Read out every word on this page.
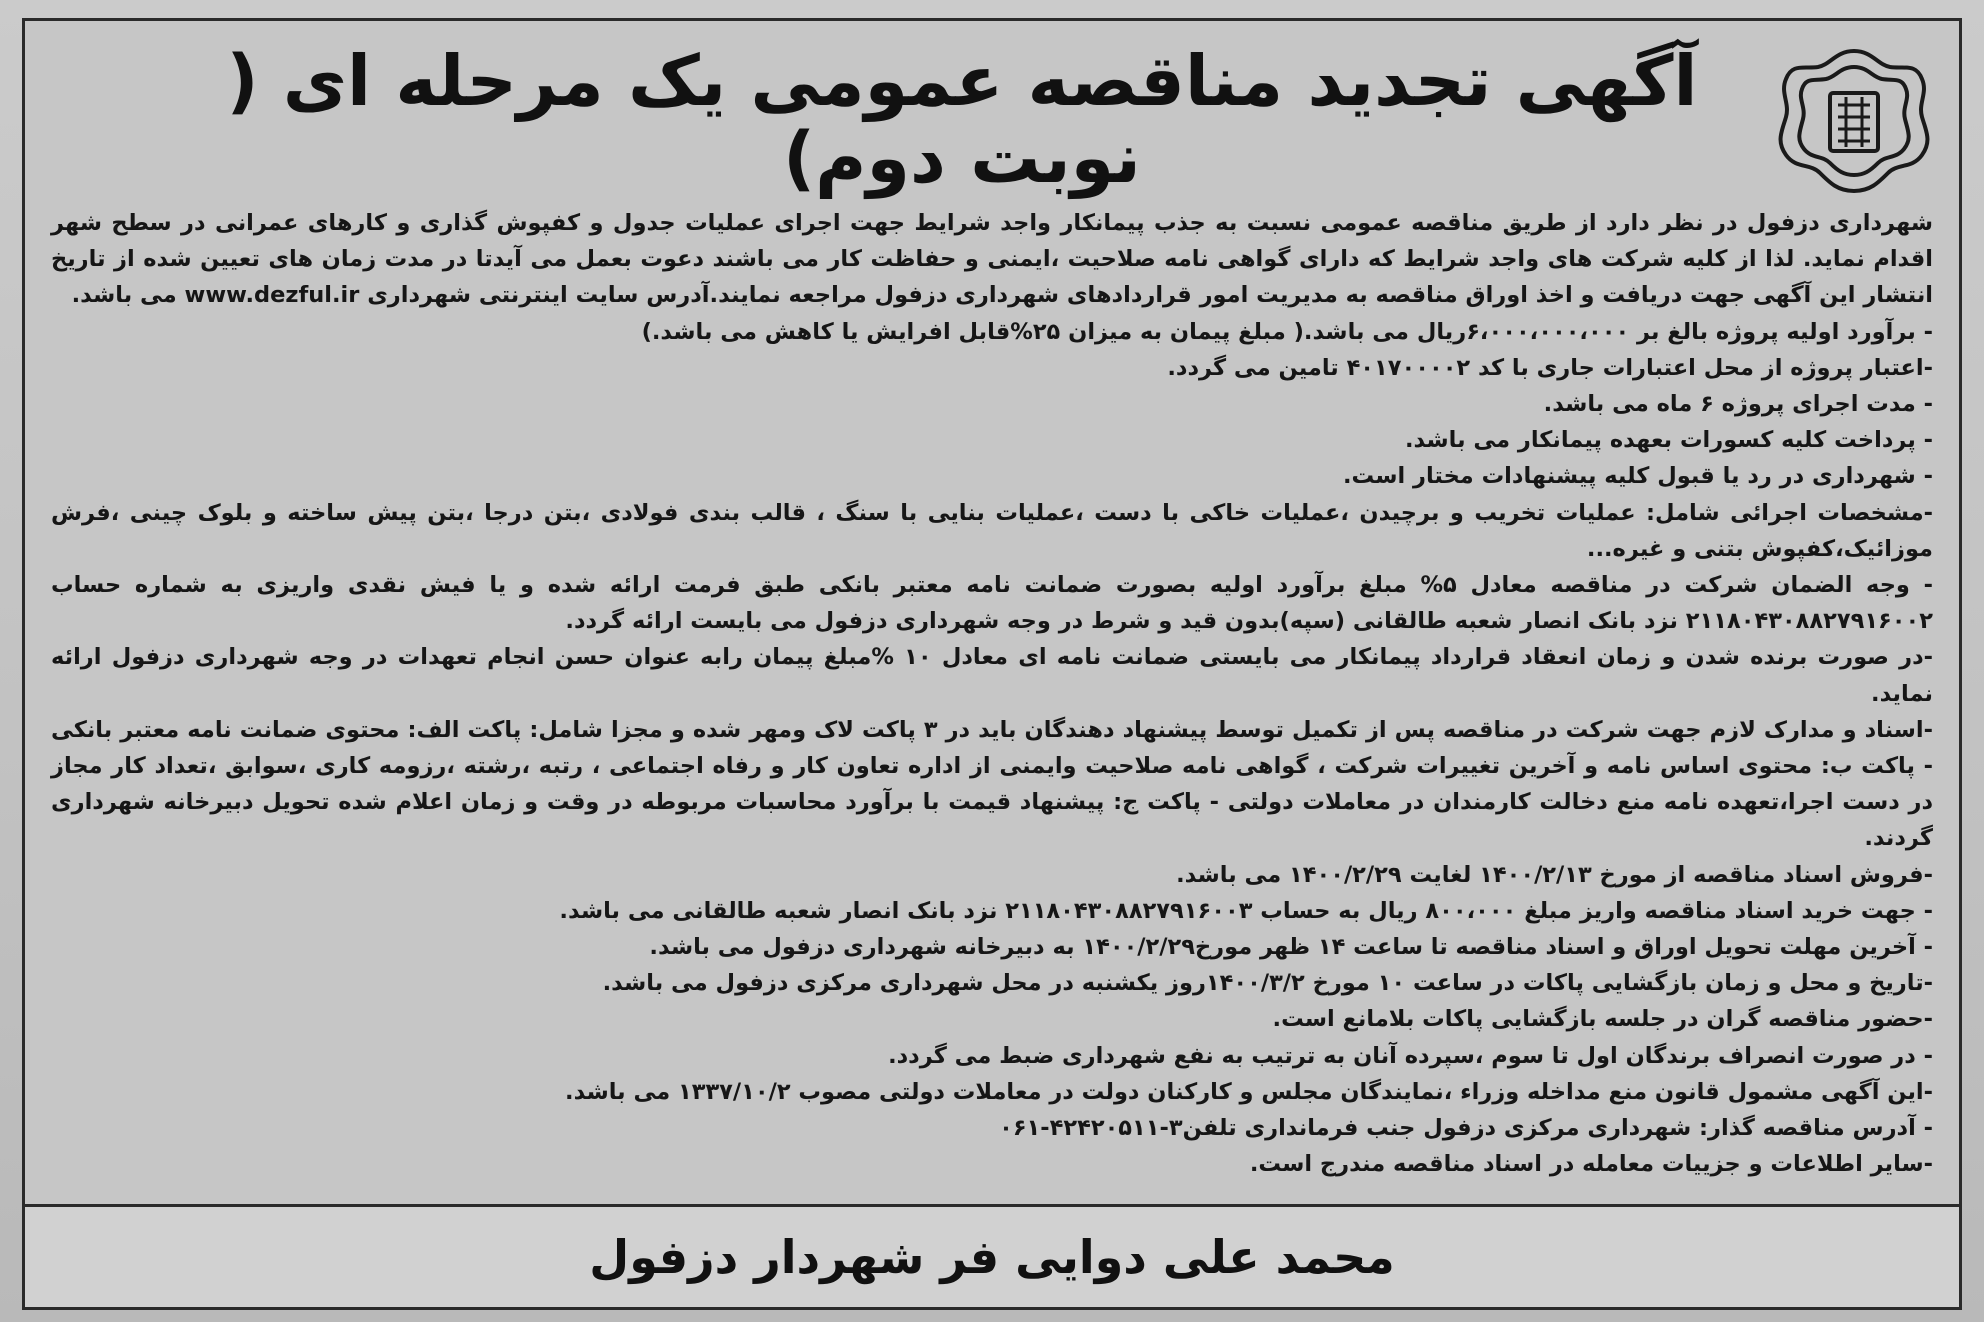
آگهی تجدید مناقصه عمومی یک مرحله ای ( نوبت دوم)

شهرداری دزفول در نظر دارد از طریق مناقصه عمومی نسبت به جذب پیمانکار واجد شرایط جهت اجرای عملیات جدول و کفپوش گذاری و کارهای عمرانی در سطح شهر اقدام نماید. لذا از کلیه شرکت های واجد شرایط که دارای گواهی نامه صلاحیت ،ایمنی و حفاظت کار می باشند دعوت بعمل می آیدتا در مدت زمان های تعیین شده از تاریخ انتشار این آگهی جهت دریافت و اخذ اوراق مناقصه به مدیریت امور قراردادهای شهرداری دزفول مراجعه نمایند.آدرس سایت اینترنتی شهرداری www.dezful.ir می باشد.

- برآورد اولیه پروژه بالغ بر ۶،۰۰۰،۰۰۰،۰۰۰ریال می باشد.( مبلغ پیمان به میزان ۲۵%قابل افرایش یا کاهش می باشد.)
-اعتبار پروژه از محل اعتبارات جاری با کد ۴۰۱۷۰۰۰۰۲ تامین می گردد.
- مدت اجرای پروژه ۶ ماه می باشد.
- پرداخت کلیه کسورات بعهده پیمانکار می باشد.
- شهرداری در رد یا قبول کلیه پیشنهادات مختار است.
-مشخصات اجرائی شامل: عملیات تخریب و برچیدن ،عملیات خاکی با دست ،عملیات بنایی با سنگ ، قالب بندی فولادی ،بتن درجا ،بتن پیش ساخته و بلوک چینی ،فرش موزائیک،کفپوش بتنی و غیره...
- وجه الضمان شرکت در مناقصه معادل ۵% مبلغ برآورد اولیه بصورت ضمانت نامه معتبر بانکی طبق فرمت ارائه شده و یا فیش نقدی واریزی به شماره حساب ۲۱۱۸۰۴۳۰۸۸۲۷۹۱۶۰۰۲ نزد بانک انصار شعبه طالقانی (سپه)بدون قید و شرط در وجه شهرداری دزفول می بایست ارائه گردد.
-در صورت برنده شدن و زمان انعقاد قرارداد پیمانکار می بایستی ضمانت نامه ای معادل ۱۰ %مبلغ پیمان رابه عنوان حسن انجام تعهدات در وجه شهرداری دزفول ارائه نماید.
-اسناد و مدارک لازم جهت شرکت در مناقصه پس از تکمیل توسط پیشنهاد دهندگان باید در ۳ پاکت لاک ومهر شده و مجزا شامل: پاکت الف: محتوی ضمانت نامه معتبر بانکی - پاکت ب: محتوی اساس نامه و آخرین تغییرات شرکت ، گواهی نامه صلاحیت وایمنی از اداره تعاون کار و رفاه اجتماعی ، رتبه ،رشته ،رزومه کاری ،سوابق ،تعداد کار مجاز در دست اجرا،تعهده نامه منع دخالت کارمندان در معاملات دولتی - پاکت ج: پیشنهاد قیمت با برآورد محاسبات مربوطه در وقت و زمان اعلام شده تحویل دبیرخانه شهرداری گردند.
-فروش اسناد مناقصه از مورخ ۱۴۰۰/۲/۱۳ لغایت ۱۴۰۰/۲/۲۹ می باشد.
- جهت خرید اسناد مناقصه واریز مبلغ ۸۰۰،۰۰۰ ریال به حساب ۲۱۱۸۰۴۳۰۸۸۲۷۹۱۶۰۰۳ نزد بانک انصار شعبه طالقانی می باشد.
- آخرین مهلت تحویل اوراق و اسناد مناقصه تا ساعت ۱۴ ظهر مورخ۱۴۰۰/۲/۲۹ به دبیرخانه شهرداری دزفول می باشد.
-تاریخ و محل و زمان بازگشایی پاکات در ساعت ۱۰ مورخ ۱۴۰۰/۳/۲روز یکشنبه در محل شهرداری مرکزی دزفول می باشد.
-حضور مناقصه گران در جلسه بازگشایی پاکات بلامانع است.
- در صورت انصراف برندگان اول تا سوم ،سپرده آنان به ترتیب به نفع شهرداری ضبط می گردد.
-این آگهی مشمول قانون منع مداخله وزراء ،نمایندگان مجلس و کارکنان دولت در معاملات دولتی مصوب ۱۳۳۷/۱۰/۲ می باشد.
- آدرس مناقصه گذار: شهرداری مرکزی دزفول جنب فرمانداری تلفن۳-۴۲۴۲۰۵۱۱-۰۶۱
-سایر اطلاعات و جزییات معامله در اسناد مناقصه مندرج است.

محمد علی دوایی فر شهردار دزفول
